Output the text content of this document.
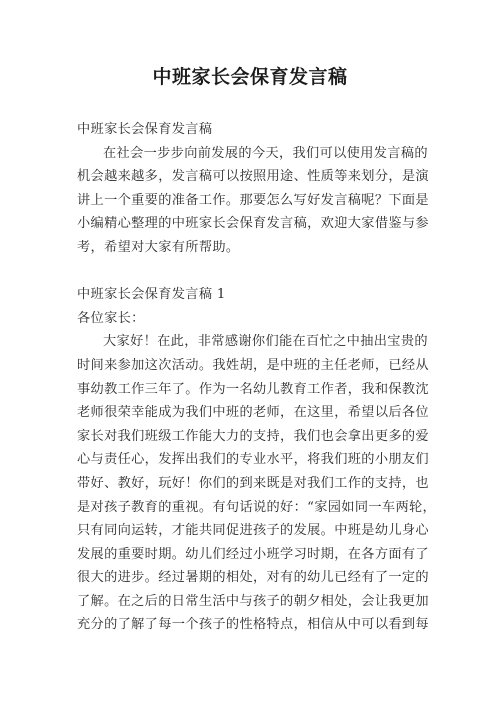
中班家长会保育发言稿
中班家长会保育发言稿
在社会一步步向前发展的今天，我们可以使用发言稿的
机会越来越多，发言稿可以按照用途、性质等来划分，是演
讲上一个重要的准备工作。那要怎么写好发言稿呢？下面是
小编精心整理的中班家长会保育发言稿，欢迎大家借鉴与参
考，希望对大家有所帮助。
中班家长会保育发言稿 1
各位家长：
大家好！在此，非常感谢你们能在百忙之中抽出宝贵的
时间来参加这次活动。我姓胡，是中班的主任老师，已经从
事幼教工作三年了。作为一名幼儿教育工作者，我和保教沈
老师很荣幸能成为我们中班的老师，在这里，希望以后各位
家长对我们班级工作能大力的支持，我们也会拿出更多的爱
心与责任心，发挥出我们的专业水平，将我们班的小朋友们
带好、教好，玩好！你们的到来既是对我们工作的支持，也
是对孩子教育的重视。有句话说的好：“家园如同一车两轮，
只有同向运转，才能共同促进孩子的发展。中班是幼儿身心
发展的重要时期。幼儿们经过小班学习时期，在各方面有了
很大的进步。经过暑期的相处，对有的幼儿已经有了一定的
了解。在之后的日常生活中与孩子的朝夕相处，会让我更加
充分的了解了每一个孩子的性格特点，相信从中可以看到每
